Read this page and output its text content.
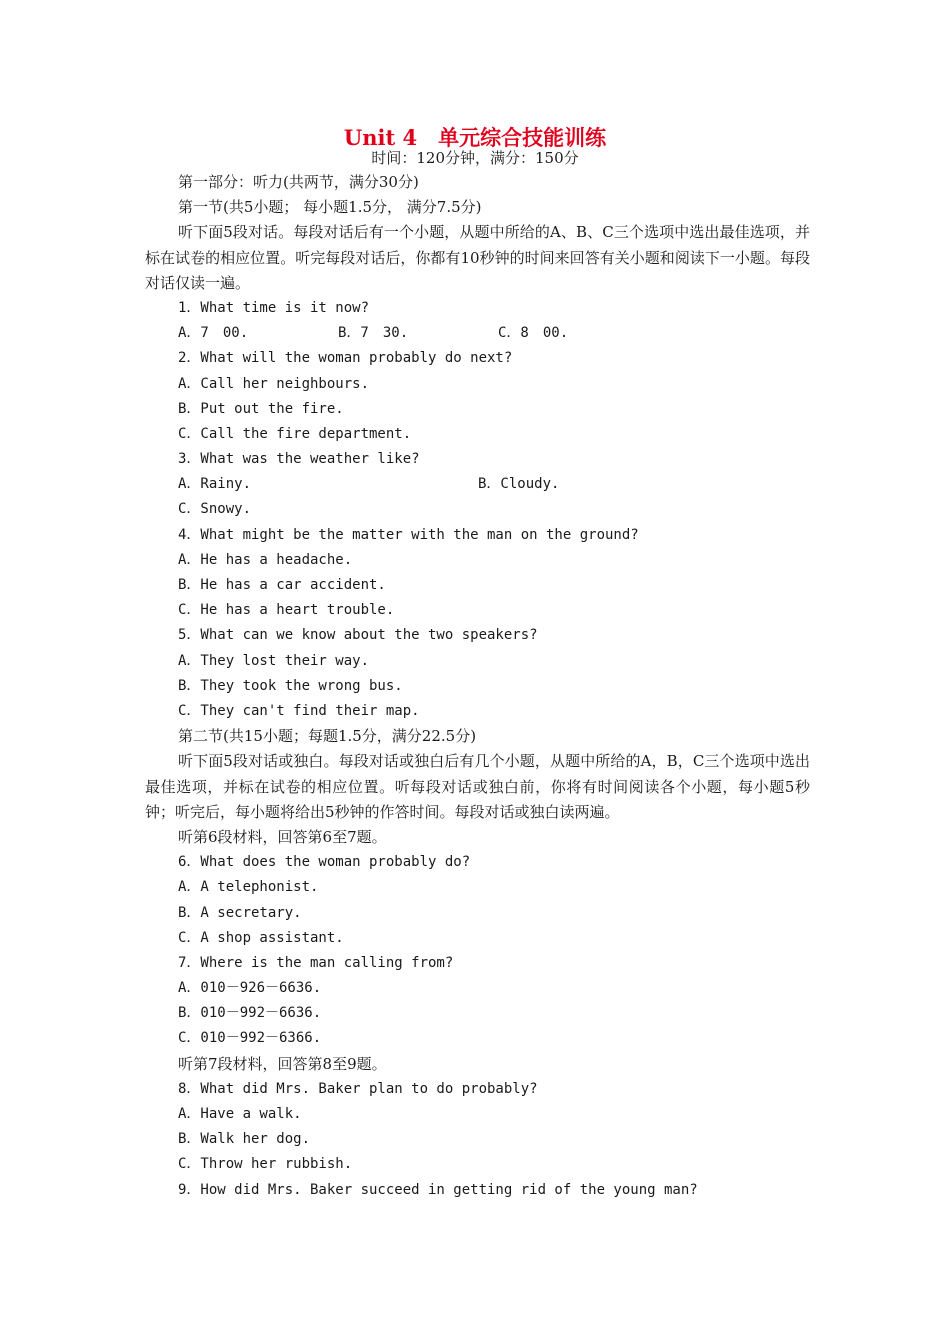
Unit 4　单元综合技能训练
时间：120分钟，满分：150分
第一部分：听力(共两节，满分30分)
第一节(共5小题； 每小题1.5分， 满分7.5分)
听下面5段对话。每段对话后有一个小题，从题中所给的A、B、C三个选项中选出最佳选项，并标在试卷的相应位置。听完每段对话后，你都有10秒钟的时间来回答有关小题和阅读下一小题。每段对话仅读一遍。
1．What time is it now?
A．7　00.	B．7　30.	C．8　00.
2．What will the woman probably do next?
A．Call her neighbours.
B．Put out the fire.
C．Call the fire department.
3．What was the weather like?
A．Rainy.	B．Cloudy.
C．Snowy.
4．What might be the matter with the man on the ground?
A．He has a headache.
B．He has a car accident.
C．He has a heart trouble.
5．What can we know about the two speakers?
A．They lost their way.
B．They took the wrong bus.
C．They can't find their map.
第二节(共15小题；每题1.5分，满分22.5分)
听下面5段对话或独白。每段对话或独白后有几个小题，从题中所给的A，B，C三个选项中选出最佳选项，并标在试卷的相应位置。听每段对话或独白前，你将有时间阅读各个小题，每小题5秒钟；听完后，每小题将给出5秒钟的作答时间。每段对话或独白读两遍。
听第6段材料，回答第6至7题。
6．What does the woman probably do?
A．A telephonist.
B．A secretary.
C．A shop assistant.
7．Where is the man calling from?
A．010－926－6636.
B．010－992－6636.
C．010－992－6366.
听第7段材料，回答第8至9题。
8．What did Mrs. Baker plan to do probably?
A．Have a walk.
B．Walk her dog.
C．Throw her rubbish.
9．How did Mrs. Baker succeed in getting rid of the young man?
